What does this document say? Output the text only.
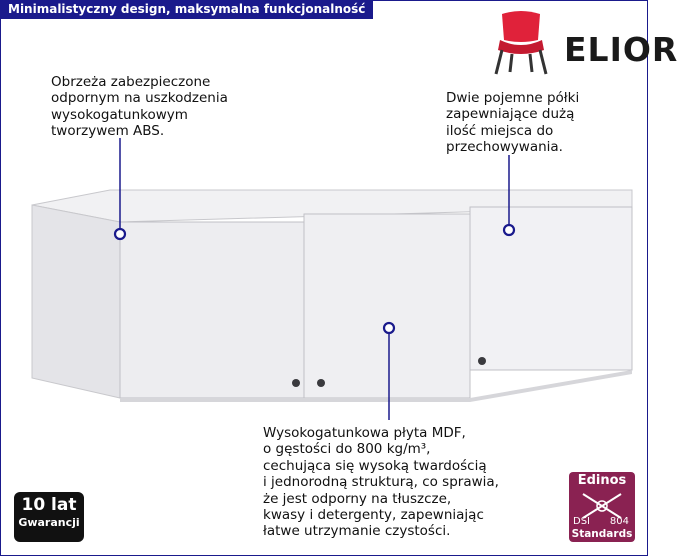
Minimalistyczny design, maksymalna funkcjonalność
ELIOR
Obrzeża zabezpieczone
odpornym na uszkodzenia
wysokogatunkowym
tworzywem ABS.
Dwie pojemne półki
zapewniające dużą
ilość miejsca do
przechowywania.
Wysokogatunkowa płyta MDF,
o gęstości do 800 kg/m³,
cechująca się wysoką twardością
i jednorodną strukturą, co sprawia,
że jest odporny na tłuszcze,
kwasy i detergenty, zapewniając
łatwe utrzymanie czystości.
10 lat
Gwarancji
Edinos
DSI 804
Standards
